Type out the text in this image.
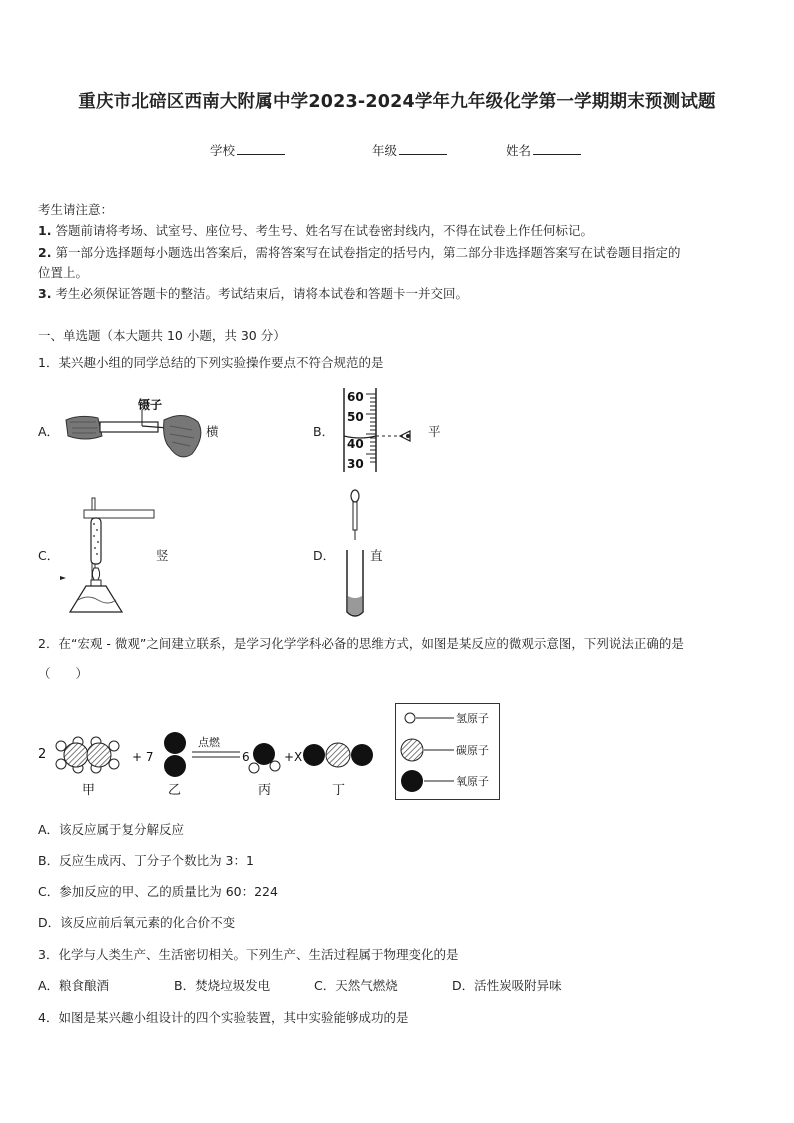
重庆市北碚区西南大附属中学2023-2024学年九年级化学第一学期期末预测试题
学校	年级	姓名
考生请注意：
1. 答题前请将考场、试室号、座位号、考生号、姓名写在试卷密封线内，不得在试卷上作任何标记。
2. 第一部分选择题每小题选出答案后，需将答案写在试卷指定的括号内，第二部分非选择题答案写在试卷题目指定的
位置上。
3. 考生必须保证答题卡的整洁。考试结束后，请将本试卷和答题卡一并交回。
一、单选题（本大题共 10 小题，共 30 分）
1．某兴趣小组的同学总结的下列实验操作要点不符合规范的是
A．
镊子
横	B．
60
50
40
30
平
C．	竖	D．	直
2．在“宏观 - 微观”之间建立联系，是学习化学学科必备的思维方式，如图是某反应的微观示意图，下列说法正确的是
（　　）
2	+ 7
点燃
6	+X
甲	乙	丙	丁
氢原子
碳原子
氧原子
A．该反应属于复分解反应
B．反应生成丙、丁分子个数比为 3：1
C．参加反应的甲、乙的质量比为 60：224
D．该反应前后氧元素的化合价不变
3．化学与人类生产、生活密切相关。下列生产、生活过程属于物理变化的是
A．粮食酿酒	B．焚烧垃圾发电	C．天然气燃烧	D．活性炭吸附异味
4．如图是某兴趣小组设计的四个实验装置，其中实验能够成功的是
